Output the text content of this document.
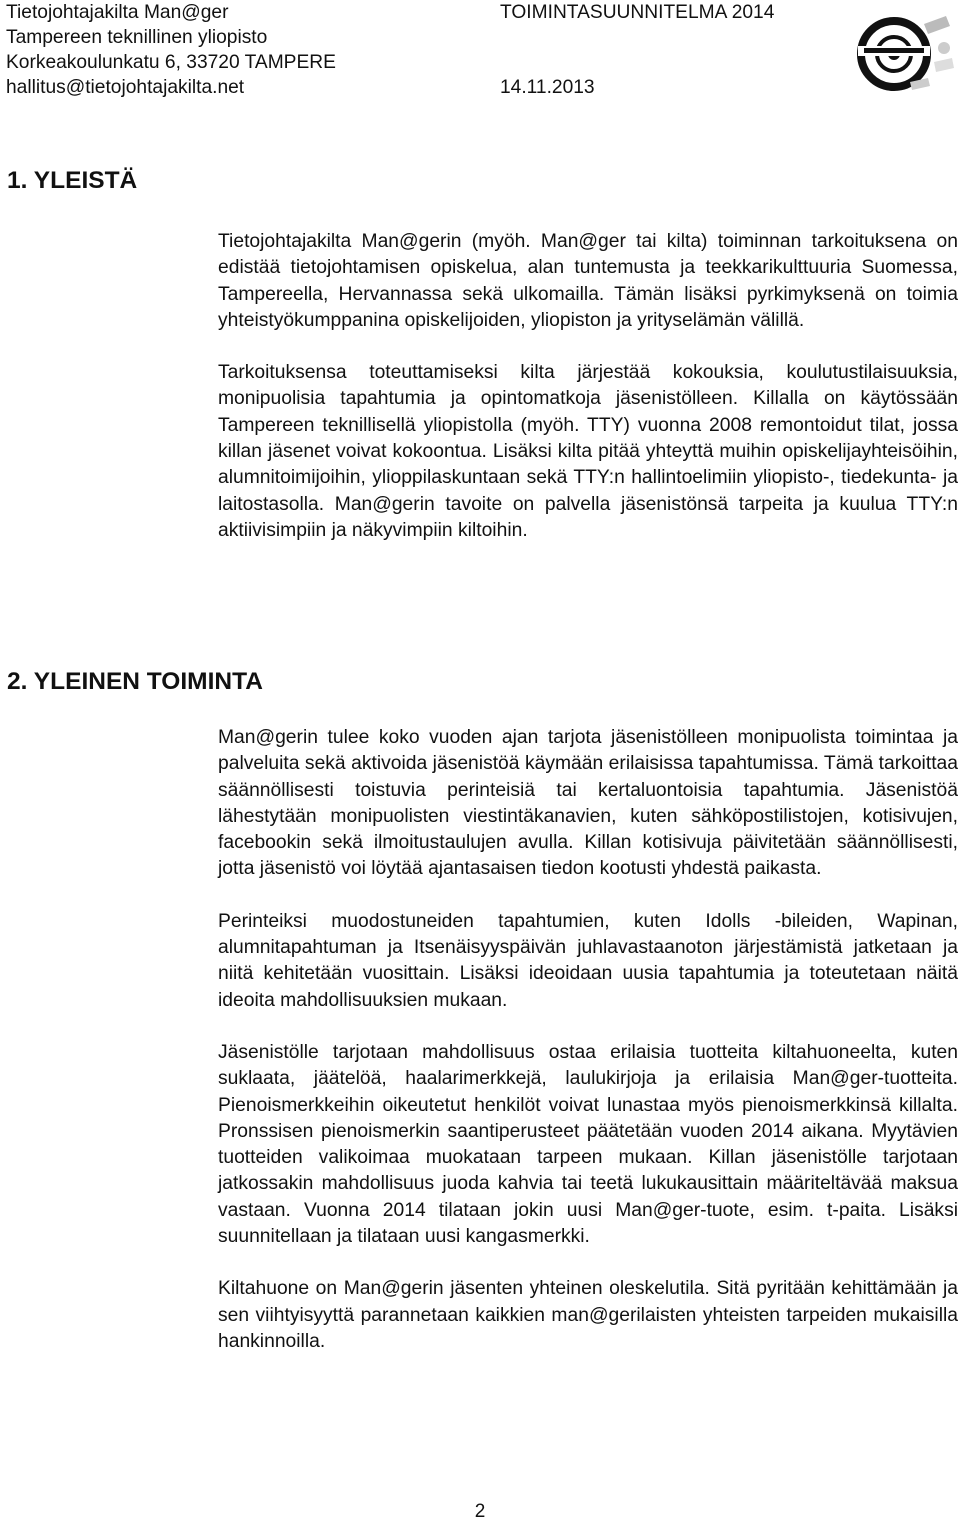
Tietojohtajakilta Man@ger
Tampereen teknillinen yliopisto
Korkeakoulunkatu 6, 33720 TAMPERE
hallitus@tietojohtajakilta.net
TOIMINTASUUNNITELMA 2014
14.11.2013
1. YLEISTÄ

Tietojohtajakilta Man@gerin (myöh. Man@ger tai kilta) toiminnan tarkoituksena on edistää tietojohtamisen opiskelua, alan tuntemusta ja teekkarikulttuuria Suomessa, Tampereella, Hervannassa sekä ulkomailla. Tämän lisäksi pyrkimyksenä on toimia yhteistyökumppanina opiskelijoiden, yliopiston ja yrityselämän välillä.

Tarkoituksensa toteuttamiseksi kilta järjestää kokouksia, koulutustilaisuuksia, monipuolisia tapahtumia ja opintomatkoja jäsenistölleen. Killalla on käytössään Tampereen teknillisellä yliopistolla (myöh. TTY) vuonna 2008 remontoidut tilat, jossa killan jäsenet voivat kokoontua. Lisäksi kilta pitää yhteyttä muihin opiskelijayhteisöihin, alumnitoimijoihin, ylioppilaskuntaan sekä TTY:n hallintoelimiin yliopisto-, tiedekunta- ja laitostasolla. Man@gerin tavoite on palvella jäsenistönsä tarpeita ja kuulua TTY:n aktiivisimpiin ja näkyvimpiin kiltoihin.

2. YLEINEN TOIMINTA

Man@gerin tulee koko vuoden ajan tarjota jäsenistölleen monipuolista toimintaa ja palveluita sekä aktivoida jäsenistöä käymään erilaisissa tapahtumissa. Tämä tarkoittaa säännöllisesti toistuvia perinteisiä tai kertaluontoisia tapahtumia. Jäsenistöä lähestytään monipuolisten viestintäkanavien, kuten sähköpostilistojen, kotisivujen, facebookin sekä ilmoitustaulujen avulla. Killan kotisivuja päivitetään säännöllisesti, jotta jäsenistö voi löytää ajantasaisen tiedon kootusti yhdestä paikasta.

Perinteiksi muodostuneiden tapahtumien, kuten Idolls -bileiden, Wapinan, alumnitapahtuman ja Itsenäisyyspäivän juhlavastaanoton järjestämistä jatketaan ja niitä kehitetään vuosittain. Lisäksi ideoidaan uusia tapahtumia ja toteutetaan näitä ideoita mahdollisuuksien mukaan.

Jäsenistölle tarjotaan mahdollisuus ostaa erilaisia tuotteita kiltahuoneelta, kuten suklaata, jäätelöä, haalarimerkkejä, laulukirjoja ja erilaisia Man@ger-tuotteita. Pienoismerkkeihin oikeutetut henkilöt voivat lunastaa myös pienoismerkkinsä killalta. Pronssisen pienoismerkin saantiperusteet päätetään vuoden 2014 aikana. Myytävien tuotteiden valikoimaa muokataan tarpeen mukaan. Killan jäsenistölle tarjotaan jatkossakin mahdollisuus juoda kahvia tai teetä lukukausittain määriteltävää maksua vastaan. Vuonna 2014 tilataan jokin uusi Man@ger-tuote, esim. t-paita. Lisäksi suunnitellaan ja tilataan uusi kangasmerkki.

Kiltahuone on Man@gerin jäsenten yhteinen oleskelutila. Sitä pyritään kehittämään ja sen viihtyisyyttä parannetaan kaikkien man@gerilaisten yhteisten tarpeiden mukaisilla hankinnoilla.

2
